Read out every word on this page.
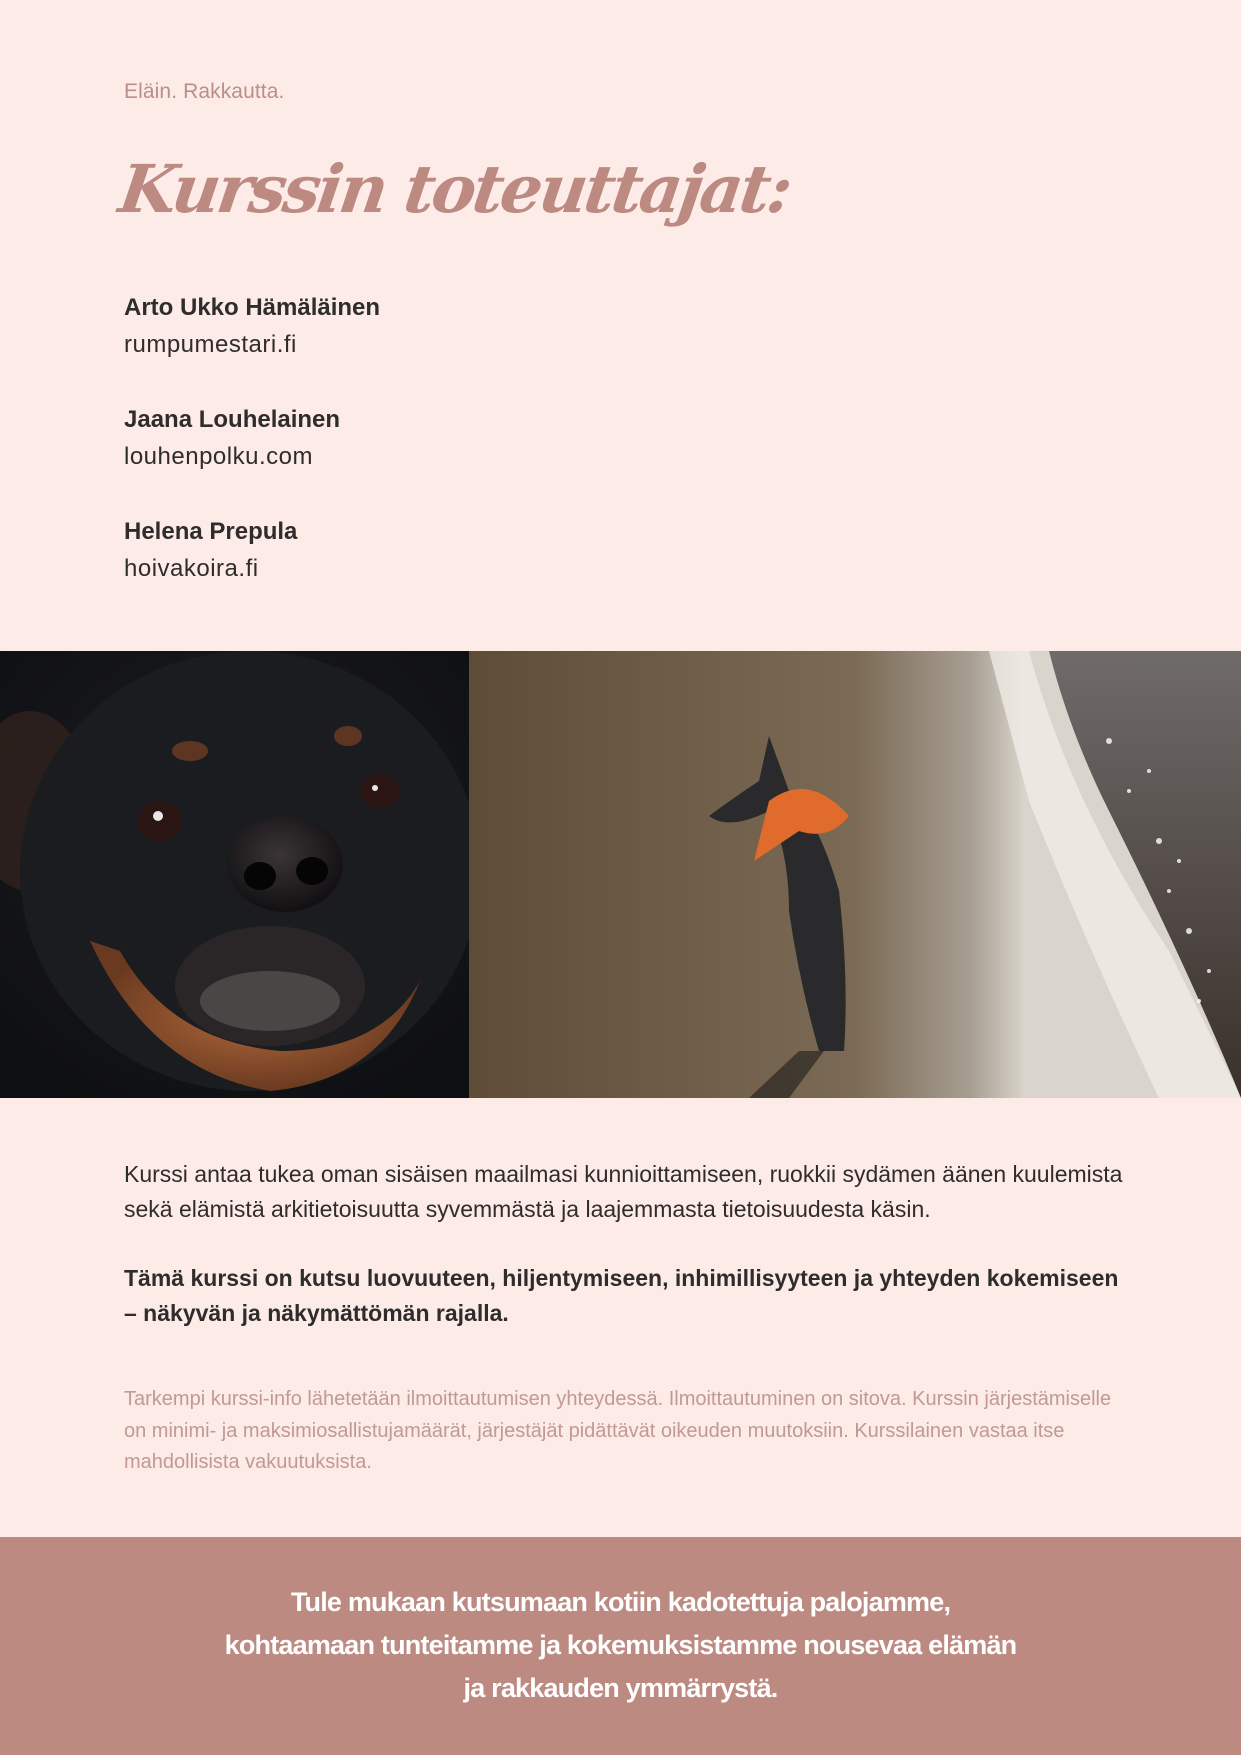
Eläin. Rakkautta.
Kurssin toteuttajat:
Arto Ukko Hämäläinen
rumpumestari.fi
Jaana Louhelainen
louhenpolku.com
Helena Prepula
hoivakoira.fi
Kurssi antaa tukea oman sisäisen maailmasi kunnioittamiseen, ruokkii sydämen äänen kuulemista sekä elämistä arkitietoisuutta syvemmästä ja laajemmasta tietoisuudesta käsin.
Tämä kurssi on kutsu luovuuteen, hiljentymiseen, inhimillisyyteen ja yhteyden kokemiseen – näkyvän ja näkymättömän rajalla.
Tarkempi kurssi-info lähetetään ilmoittautumisen yhteydessä. Ilmoittautuminen on sitova. Kurssin järjestämiselle on minimi- ja maksimiosallistujamäärät, järjestäjät pidättävät oikeuden muutoksiin. Kurssilainen vastaa itse mahdollisista vakuutuksista.
Tule mukaan kutsumaan kotiin kadotettuja palojamme,
kohtaamaan tunteitamme ja kokemuksistamme nousevaa elämän
ja rakkauden ymmärrystä.
